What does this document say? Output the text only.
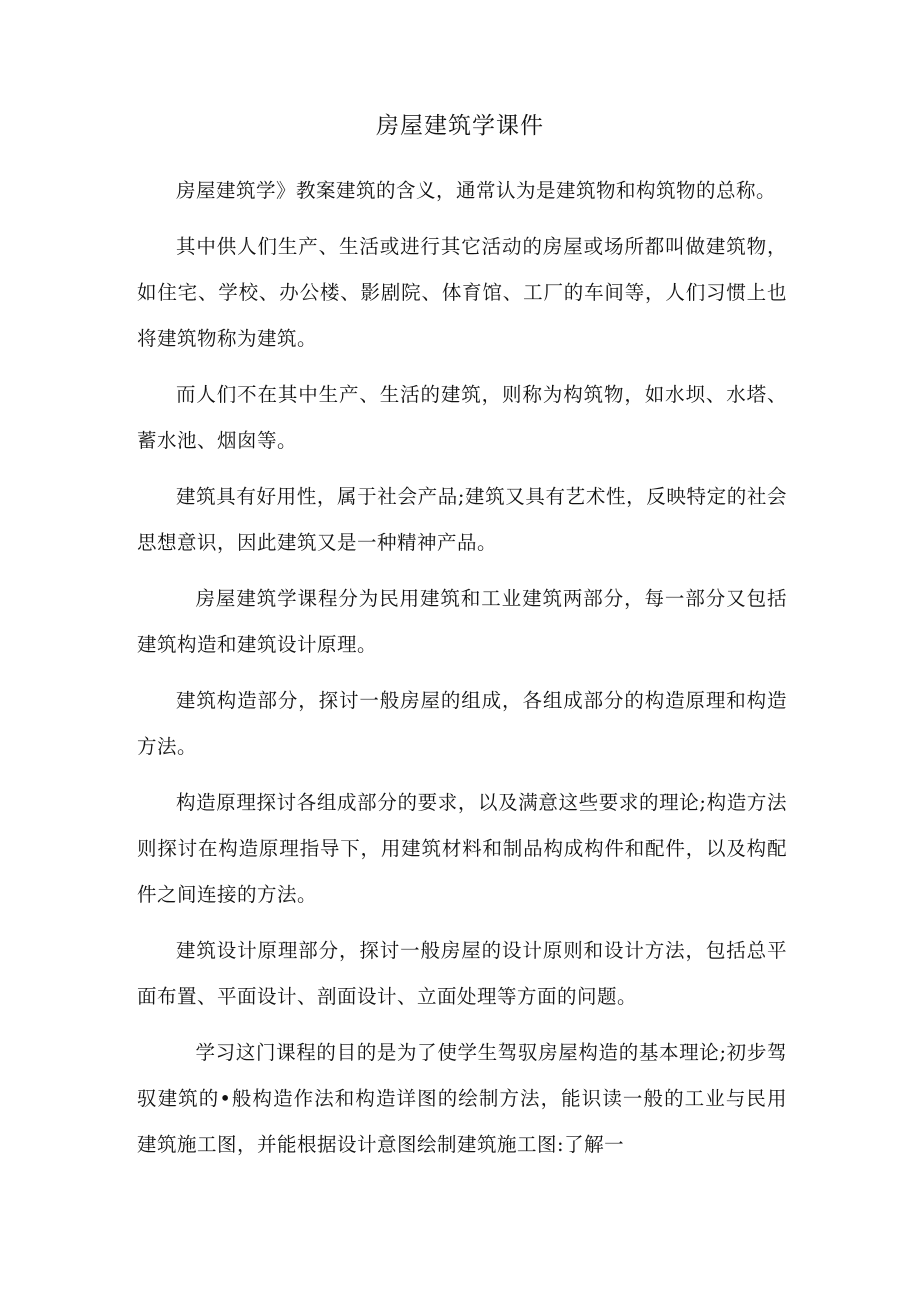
房屋建筑学课件

房屋建筑学》教案建筑的含义，通常认为是建筑物和构筑物的总称。

其中供人们生产、生活或进行其它活动的房屋或场所都叫做建筑物，如住宅、学校、办公楼、影剧院、体育馆、工厂的车间等，人们习惯上也将建筑物称为建筑。

而人们不在其中生产、生活的建筑，则称为构筑物，如水坝、水塔、蓄水池、烟囱等。

建筑具有好用性，属于社会产品;建筑又具有艺术性，反映特定的社会思想意识，因此建筑又是一种精神产品。

房屋建筑学课程分为民用建筑和工业建筑两部分，每一部分又包括建筑构造和建筑设计原理。

建筑构造部分，探讨一般房屋的组成，各组成部分的构造原理和构造方法。

构造原理探讨各组成部分的要求，以及满意这些要求的理论;构造方法则探讨在构造原理指导下，用建筑材料和制品构成构件和配件，以及构配件之间连接的方法。

建筑设计原理部分，探讨一般房屋的设计原则和设计方法，包括总平面布置、平面设计、剖面设计、立面处理等方面的问题。

学习这门课程的目的是为了使学生驾驭房屋构造的基本理论;初步驾驭建筑的•般构造作法和构造详图的绘制方法，能识读一般的工业与民用建筑施工图，并能根据设计意图绘制建筑施工图:了解一
